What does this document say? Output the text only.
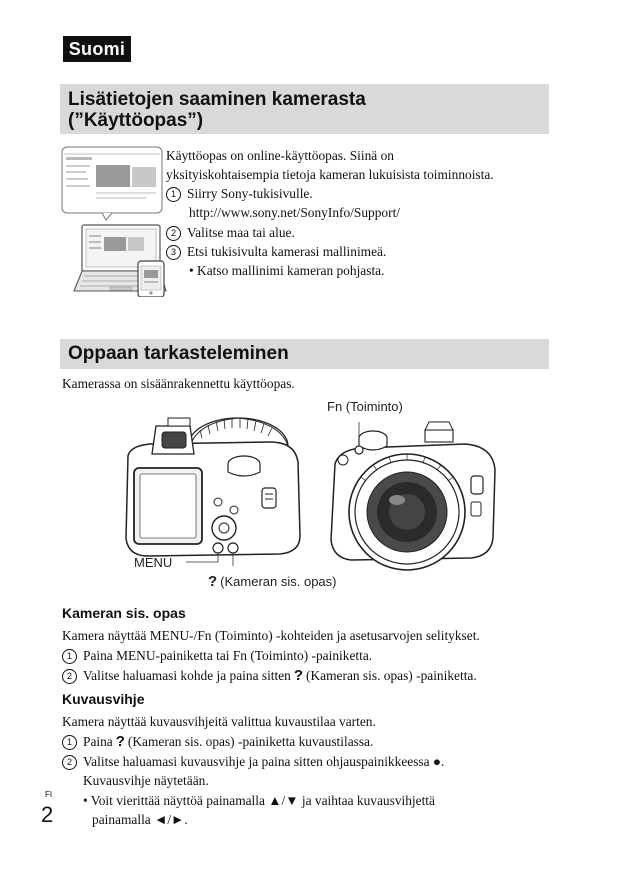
Suomi
Lisätietojen saaminen kamerasta
(”Käyttöopas”)
Käyttöopas on online-käyttöopas. Siinä on
yksityiskohtaisempia tietoja kameran lukuisista toiminnoista.
1 Siirry Sony-tukisivulle.
http://www.sony.net/SonyInfo/Support/
2 Valitse maa tai alue.
3 Etsi tukisivulta kamerasi mallinimeä.
• Katso mallinimi kameran pohjasta.
Oppaan tarkasteleminen
Kamerassa on sisäänrakennettu käyttöopas.
Fn (Toiminto)
MENU
? (Kameran sis. opas)
Kameran sis. opas
Kamera näyttää MENU-/Fn (Toiminto) -kohteiden ja asetusarvojen selitykset.
1 Paina MENU-painiketta tai Fn (Toiminto) -painiketta.
2 Valitse haluamasi kohde ja paina sitten ? (Kameran sis. opas) -painiketta.
Kuvausvihje
Kamera näyttää kuvausvihjeitä valittua kuvaustilaa varten.
1 Paina ? (Kameran sis. opas) -painiketta kuvaustilassa.
2 Valitse haluamasi kuvausvihje ja paina sitten ohjauspainikkeessa ●.
Kuvausvihje näytetään.
• Voit vierittää näyttöä painamalla ▲/▼ ja vaihtaa kuvausvihjettä
painamalla ◄/►.
FI
2
